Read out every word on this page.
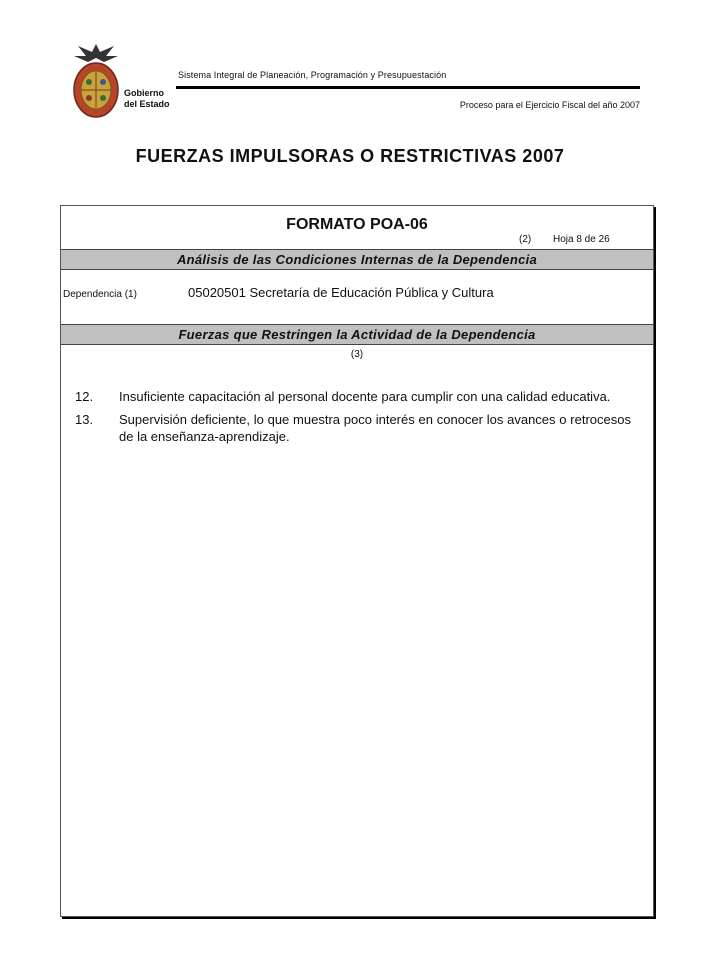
Gobierno
del Estado
Sistema Integral de Planeación, Programación y Presupuestación
Proceso para el Ejercicio Fiscal del año 2007
FUERZAS IMPULSORAS O RESTRICTIVAS 2007
FORMATO POA-06
(2) Hoja 8 de 26
Análisis de las Condiciones Internas de la Dependencia
Dependencia (1)	05020501 Secretaría de Educación Pública y Cultura
Fuerzas que Restringen la Actividad de la Dependencia
(3)
12.	Insuficiente capacitación al personal docente para cumplir con una calidad educativa.
13.	Supervisión deficiente, lo que muestra poco interés en conocer los avances o retrocesos de la enseñanza-aprendizaje.
